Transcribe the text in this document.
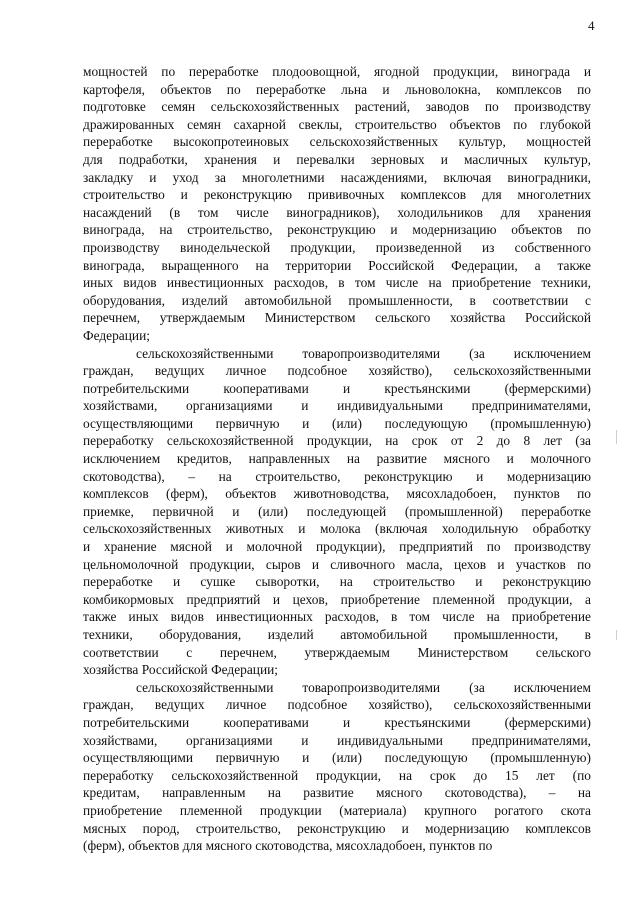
4
мощностей по переработке плодоовощной, ягодной продукции, винограда и
картофеля, объектов по переработке льна и льноволокна, комплексов по
подготовке семян сельскохозяйственных растений, заводов по производству
дражированных семян сахарной свеклы, строительство объектов по глубокой
переработке высокопротеиновых сельскохозяйственных культур, мощностей
для подработки, хранения и перевалки зерновых и масличных культур,
закладку и уход за многолетними насаждениями, включая виноградники,
строительство и реконструкцию прививочных комплексов для многолетних
насаждений (в том числе виноградников), холодильников для хранения
винограда, на строительство, реконструкцию и модернизацию объектов по
производству винодельческой продукции, произведенной из собственного
винограда, выращенного на территории Российской Федерации, а также
иных видов инвестиционных расходов, в том числе на приобретение техники,
оборудования, изделий автомобильной промышленности, в соответствии с
перечнем, утверждаемым Министерством сельского хозяйства Российской
Федерации;
сельскохозяйственными товаропроизводителями (за исключением
граждан, ведущих личное подсобное хозяйство), сельскохозяйственными
потребительскими кооперативами и крестьянскими (фермерскими)
хозяйствами, организациями и индивидуальными предпринимателями,
осуществляющими первичную и (или) последующую (промышленную)
переработку сельскохозяйственной продукции, на срок от 2 до 8 лет (за
исключением кредитов, направленных на развитие мясного и молочного
скотоводства), – на строительство, реконструкцию и модернизацию
комплексов (ферм), объектов животноводства, мясохладобоен, пунктов по
приемке, первичной и (или) последующей (промышленной) переработке
сельскохозяйственных животных и молока (включая холодильную обработку
и хранение мясной и молочной продукции), предприятий по производству
цельномолочной продукции, сыров и сливочного масла, цехов и участков по
переработке и сушке сыворотки, на строительство и реконструкцию
комбикормовых предприятий и цехов, приобретение племенной продукции, а
также иных видов инвестиционных расходов, в том числе на приобретение
техники, оборудования, изделий автомобильной промышленности, в
соответствии с перечнем, утверждаемым Министерством сельского
хозяйства Российской Федерации;
сельскохозяйственными товаропроизводителями (за исключением
граждан, ведущих личное подсобное хозяйство), сельскохозяйственными
потребительскими кооперативами и крестьянскими (фермерскими)
хозяйствами, организациями и индивидуальными предпринимателями,
осуществляющими первичную и (или) последующую (промышленную)
переработку сельскохозяйственной продукции, на срок до 15 лет (по
кредитам, направленным на развитие мясного скотоводства), – на
приобретение племенной продукции (материала) крупного рогатого скота
мясных пород, строительство, реконструкцию и модернизацию комплексов
(ферм), объектов для мясного скотоводства, мясохладобоен, пунктов по
